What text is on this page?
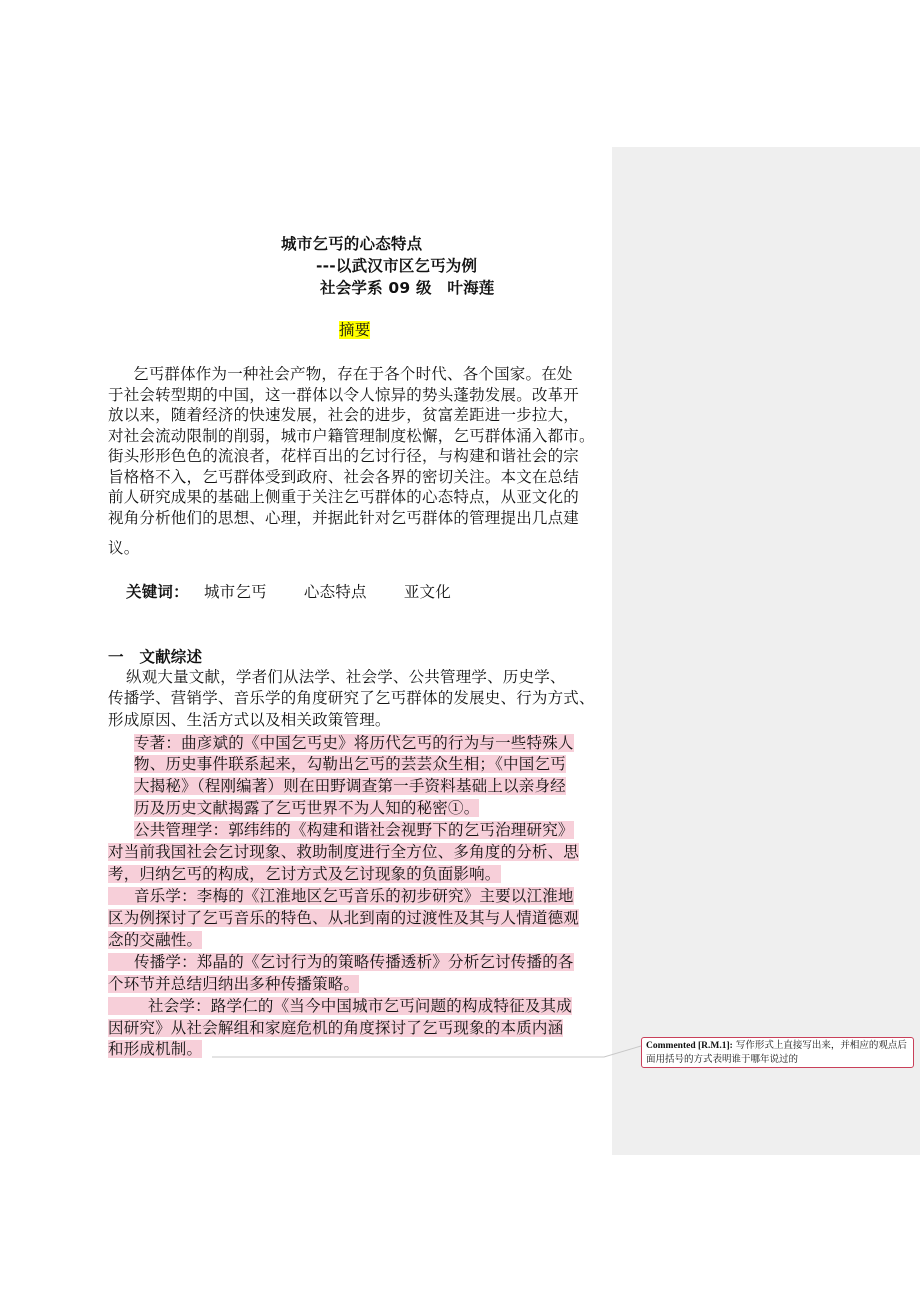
城市乞丐的心态特点
---以武汉市区乞丐为例
社会学系 09 级　叶海莲
摘要
乞丐群体作为一种社会产物，存在于各个时代、各个国家。在处
于社会转型期的中国，这一群体以令人惊异的势头蓬勃发展。改革开
放以来，随着经济的快速发展，社会的进步，贫富差距进一步拉大，
对社会流动限制的削弱，城市户籍管理制度松懈，乞丐群体涌入都市。
街头形形色色的流浪者，花样百出的乞讨行径，与构建和谐社会的宗
旨格格不入，乞丐群体受到政府、社会各界的密切关注。本文在总结
前人研究成果的基础上侧重于关注乞丐群体的心态特点，从亚文化的
视角分析他们的思想、心理，并据此针对乞丐群体的管理提出几点建
议。
关键词： 城市乞丐 心态特点 亚文化
一　文献综述
纵观大量文献，学者们从法学、社会学、公共管理学、历史学、
传播学、营销学、音乐学的角度研究了乞丐群体的发展史、行为方式、
形成原因、生活方式以及相关政策管理。
专著：曲彦斌的《中国乞丐史》将历代乞丐的行为与一些特殊人
物、历史事件联系起来，勾勒出乞丐的芸芸众生相；《中国乞丐
大揭秘》（程刚编著）则在田野调查第一手资料基础上以亲身经
历及历史文献揭露了乞丐世界不为人知的秘密①。
公共管理学：郭纬纬的《构建和谐社会视野下的乞丐治理研究》
对当前我国社会乞讨现象、救助制度进行全方位、多角度的分析、思
考，归纳乞丐的构成，乞讨方式及乞讨现象的负面影响。
音乐学：李梅的《江淮地区乞丐音乐的初步研究》主要以江淮地
区为例探讨了乞丐音乐的特色、从北到南的过渡性及其与人情道德观
念的交融性。
传播学：郑晶的《乞讨行为的策略传播透析》分析乞讨传播的各
个环节并总结归纳出多种传播策略。
社会学：路学仁的《当今中国城市乞丐问题的构成特征及其成
因研究》从社会解组和家庭危机的角度探讨了乞丐现象的本质内涵
和形成机制。	Commented [R.M.1]: 写作形式上直接写出来，并相应的观点后面用括号的方式表明谁于哪年说过的
